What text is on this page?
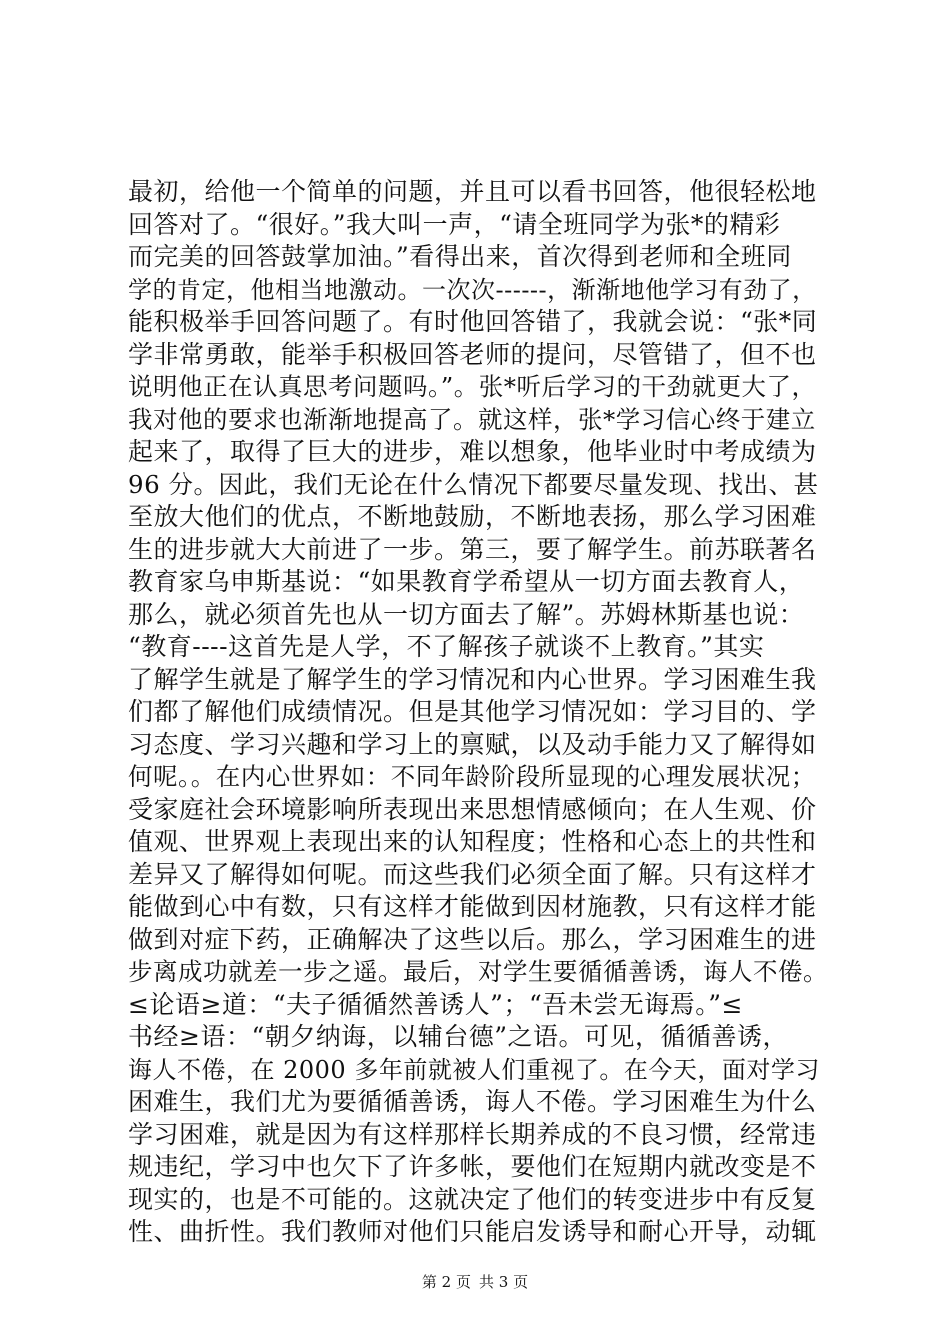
最初，给他一个简单的问题，并且可以看书回答，他很轻松地
回答对了。“很好。”我大叫一声，“请全班同学为张*的精彩
而完美的回答鼓掌加油。”看得出来，首次得到老师和全班同
学的肯定，他相当地激动。一次次------，渐渐地他学习有劲了，
能积极举手回答问题了。有时他回答错了，我就会说：“张*同
学非常勇敢，能举手积极回答老师的提问，尽管错了，但不也
说明他正在认真思考问题吗。”。张*听后学习的干劲就更大了，
我对他的要求也渐渐地提高了。就这样，张*学习信心终于建立
起来了，取得了巨大的进步，难以想象，他毕业时中考成绩为
96 分。因此，我们无论在什么情况下都要尽量发现、找出、甚
至放大他们的优点，不断地鼓励，不断地表扬，那么学习困难
生的进步就大大前进了一步。第三，要了解学生。前苏联著名
教育家乌申斯基说：“如果教育学希望从一切方面去教育人，
那么，就必须首先也从一切方面去了解”。苏姆林斯基也说：
“教育----这首先是人学，不了解孩子就谈不上教育。”其实
了解学生就是了解学生的学习情况和内心世界。学习困难生我
们都了解他们成绩情况。但是其他学习情况如：学习目的、学
习态度、学习兴趣和学习上的禀赋，以及动手能力又了解得如
何呢。。在内心世界如：不同年龄阶段所显现的心理发展状况；
受家庭社会环境影响所表现出来思想情感倾向；在人生观、价
值观、世界观上表现出来的认知程度；性格和心态上的共性和
差异又了解得如何呢。而这些我们必须全面了解。只有这样才
能做到心中有数，只有这样才能做到因材施教，只有这样才能
做到对症下药，正确解决了这些以后。那么，学习困难生的进
步离成功就差一步之遥。最后，对学生要循循善诱，诲人不倦。
≤论语≥道：“夫子循循然善诱人”；“吾未尝无诲焉。”≤
书经≥语：“朝夕纳诲，以辅台德”之语。可见，循循善诱，
诲人不倦，在 2000 多年前就被人们重视了。在今天，面对学习
困难生，我们尤为要循循善诱，诲人不倦。学习困难生为什么
学习困难，就是因为有这样那样长期养成的不良习惯，经常违
规违纪，学习中也欠下了许多帐，要他们在短期内就改变是不
现实的，也是不可能的。这就决定了他们的转变进步中有反复
性、曲折性。我们教师对他们只能启发诱导和耐心开导，动辄
第 2 页 共 3 页
